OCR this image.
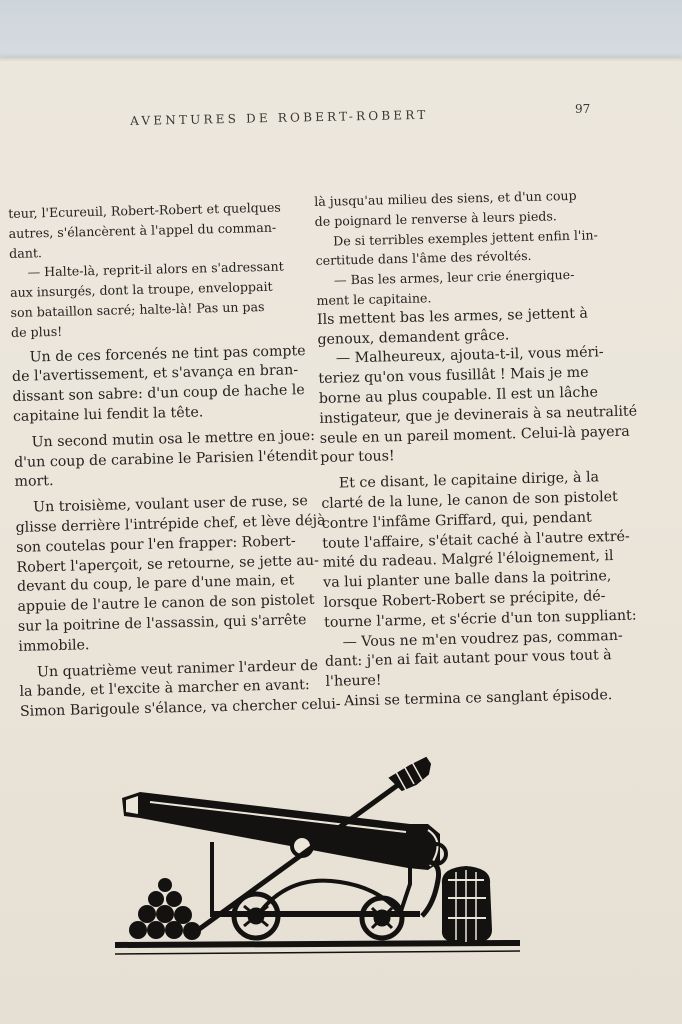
AVENTURES DE ROBERT-ROBERT	97

teur, l'Ecureuil, Robert-Robert et quelques
autres, s'élancèrent à l'appel du comman-
dant.

— Halte-là, reprit-il alors en s'adressant
aux insurgés, dont la troupe, enveloppait
son bataillon sacré; halte-là! Pas un pas
de plus!

Un de ces forcenés ne tint pas compte
de l'avertissement, et s'avança en bran-
dissant son sabre: d'un coup de hache le
capitaine lui fendit la tête.

Un second mutin osa le mettre en joue:
d'un coup de carabine le Parisien l'étendit
mort.

Un troisième, voulant user de ruse, se
glisse derrière l'intrépide chef, et lève déjà
son coutelas pour l'en frapper: Robert-
Robert l'aperçoit, se retourne, se jette au-
devant du coup, le pare d'une main, et
appuie de l'autre le canon de son pistolet
sur la poitrine de l'assassin, qui s'arrête
immobile.

Un quatrième veut ranimer l'ardeur de
la bande, et l'excite à marcher en avant:
Simon Barigoule s'élance, va chercher celui-

là jusqu'au milieu des siens, et d'un coup
de poignard le renverse à leurs pieds.

De si terribles exemples jettent enfin l'in-
certitude dans l'âme des révoltés.

— Bas les armes, leur crie énergique-
ment le capitaine.

Ils mettent bas les armes, se jettent à
genoux, demandent grâce.

— Malheureux, ajouta-t-il, vous méri-
teriez qu'on vous fusillât ! Mais je me
borne au plus coupable. Il est un lâche
instigateur, que je devinerais à sa neutralité
seule en un pareil moment. Celui-là payera
pour tous!

Et ce disant, le capitaine dirige, à la
clarté de la lune, le canon de son pistolet
contre l'infâme Griffard, qui, pendant
toute l'affaire, s'était caché à l'autre extré-
mité du radeau. Malgré l'éloignement, il
va lui planter une balle dans la poitrine,
lorsque Robert-Robert se précipite, dé-
tourne l'arme, et s'écrie d'un ton suppliant:

— Vous ne m'en voudrez pas, comman-
dant: j'en ai fait autant pour vous tout à
l'heure!

Ainsi se termina ce sanglant épisode.
